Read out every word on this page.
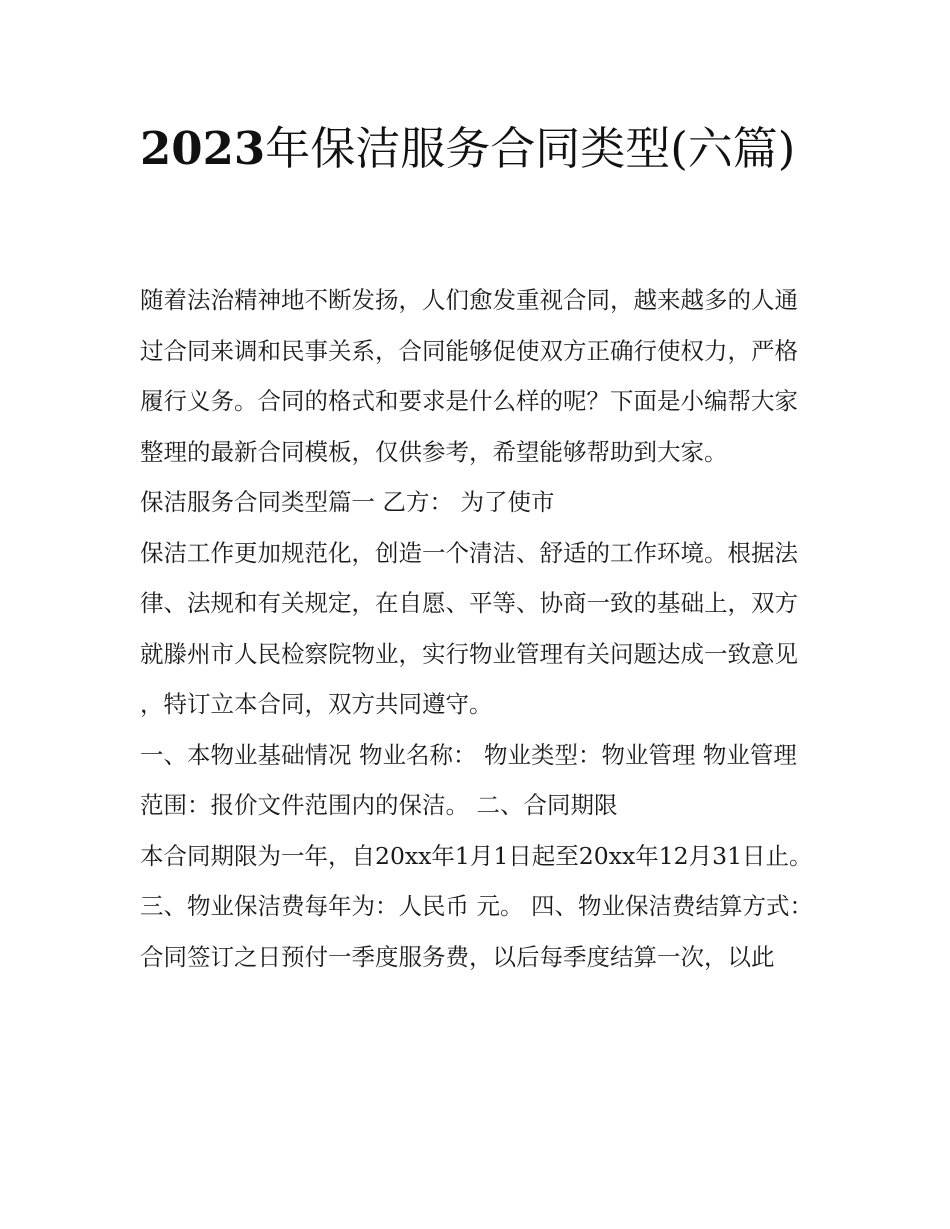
2023年保洁服务合同类型(六篇)

随着法治精神地不断发扬，人们愈发重视合同，越来越多的人通过合同来调和民事关系，合同能够促使双方正确行使权力，严格履行义务。合同的格式和要求是什么样的呢？下面是小编帮大家整理的最新合同模板，仅供参考，希望能够帮助到大家。

保洁服务合同类型篇一 乙方： 为了使市

保洁工作更加规范化，创造一个清洁、舒适的工作环境。根据法律、法规和有关规定，在自愿、平等、协商一致的基础上，双方就滕州市人民检察院物业，实行物业管理有关问题达成一致意见，特订立本合同，双方共同遵守。

一、本物业基础情况 物业名称： 物业类型：物业管理 物业管理范围：报价文件范围内的保洁。 二、合同期限

本合同期限为一年，自20xx年1月1日起至20xx年12月31日止。 三、物业保洁费每年为：人民币 元。 四、物业保洁费结算方式：

合同签订之日预付一季度服务费，以后每季度结算一次，以此
